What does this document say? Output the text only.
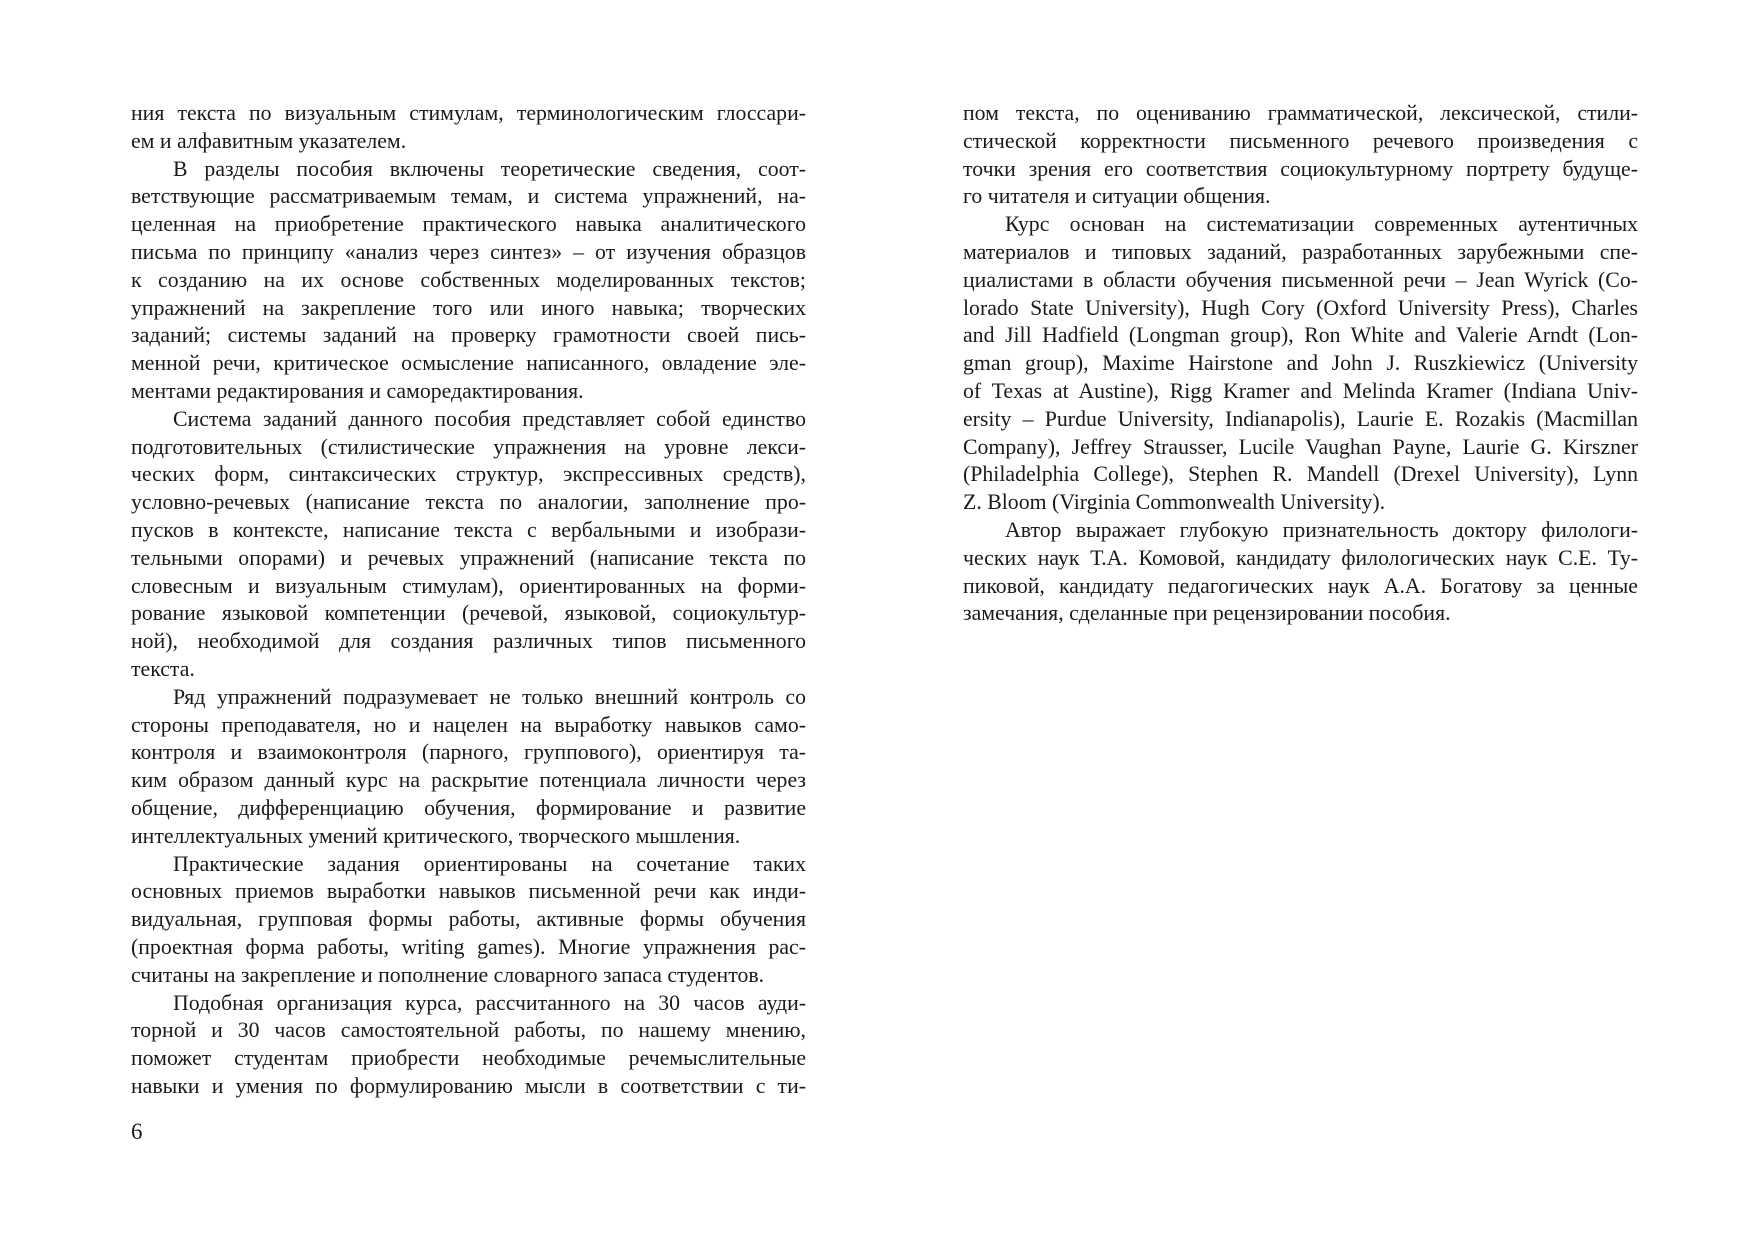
ния текста по визуальным стимулам, терминологическим глоссари-
ем и алфавитным указателем.
В разделы пособия включены теоретические сведения, соот-
ветствующие рассматриваемым темам, и система упражнений, на-
целенная на приобретение практического навыка аналитического
письма по принципу «анализ через синтез» – от изучения образцов
к созданию на их основе собственных моделированных текстов;
упражнений на закрепление того или иного навыка; творческих
заданий; системы заданий на проверку грамотности своей пись-
менной речи, критическое осмысление написанного, овладение эле-
ментами редактирования и саморедактирования.
Система заданий данного пособия представляет собой единство
подготовительных (стилистические упражнения на уровне лекси-
ческих форм, синтаксических структур, экспрессивных средств),
условно-речевых (написание текста по аналогии, заполнение про-
пусков в контексте, написание текста с вербальными и изобрази-
тельными опорами) и речевых упражнений (написание текста по
словесным и визуальным стимулам), ориентированных на форми-
рование языковой компетенции (речевой, языковой, социокультур-
ной), необходимой для создания различных типов письменного
текста.
Ряд упражнений подразумевает не только внешний контроль со
стороны преподавателя, но и нацелен на выработку навыков само-
контроля и взаимоконтроля (парного, группового), ориентируя та-
ким образом данный курс на раскрытие потенциала личности через
общение, дифференциацию обучения, формирование и развитие
интеллектуальных умений критического, творческого мышления.
Практические задания ориентированы на сочетание таких
основных приемов выработки навыков письменной речи как инди-
видуальная, групповая формы работы, активные формы обучения
(проектная форма работы, writing games). Многие упражнения рас-
считаны на закрепление и пополнение словарного запаса студентов.
Подобная организация курса, рассчитанного на 30 часов ауди-
торной и 30 часов самостоятельной работы, по нашему мнению,
поможет студентам приобрести необходимые речемыслительные
навыки и умения по формулированию мысли в соответствии с ти-
пом текста, по оцениванию грамматической, лексической, стили-
стической корректности письменного речевого произведения с
точки зрения его соответствия социокультурному портрету будуще-
го читателя и ситуации общения.
Курс основан на систематизации современных аутентичных
материалов и типовых заданий, разработанных зарубежными спе-
циалистами в области обучения письменной речи – Jean Wyrick (Co-
lorado State University), Hugh Cory (Oxford University Press), Charles
and Jill Hadfield (Longman group), Ron White and Valerie Arndt (Lon-
gman group), Maxime Hairstone and John J. Ruszkiewicz (University
of Texas at Austine), Rigg Kramer and Melinda Kramer (Indiana Univ-
ersity – Purdue University, Indianapolis), Laurie E. Rozakis (Macmillan
Company), Jeffrey Strausser, Lucile Vaughan Payne, Laurie G. Kirszner
(Philadelphia College), Stephen R. Mandell (Drexel University), Lynn
Z. Bloom (Virginia Commonwealth University).
Автор выражает глубокую признательность доктору филологи-
ческих наук Т.А. Комовой, кандидату филологических наук С.Е. Ту-
пиковой, кандидату педагогических наук А.А. Богатову за ценные
замечания, сделанные при рецензировании пособия.
6
